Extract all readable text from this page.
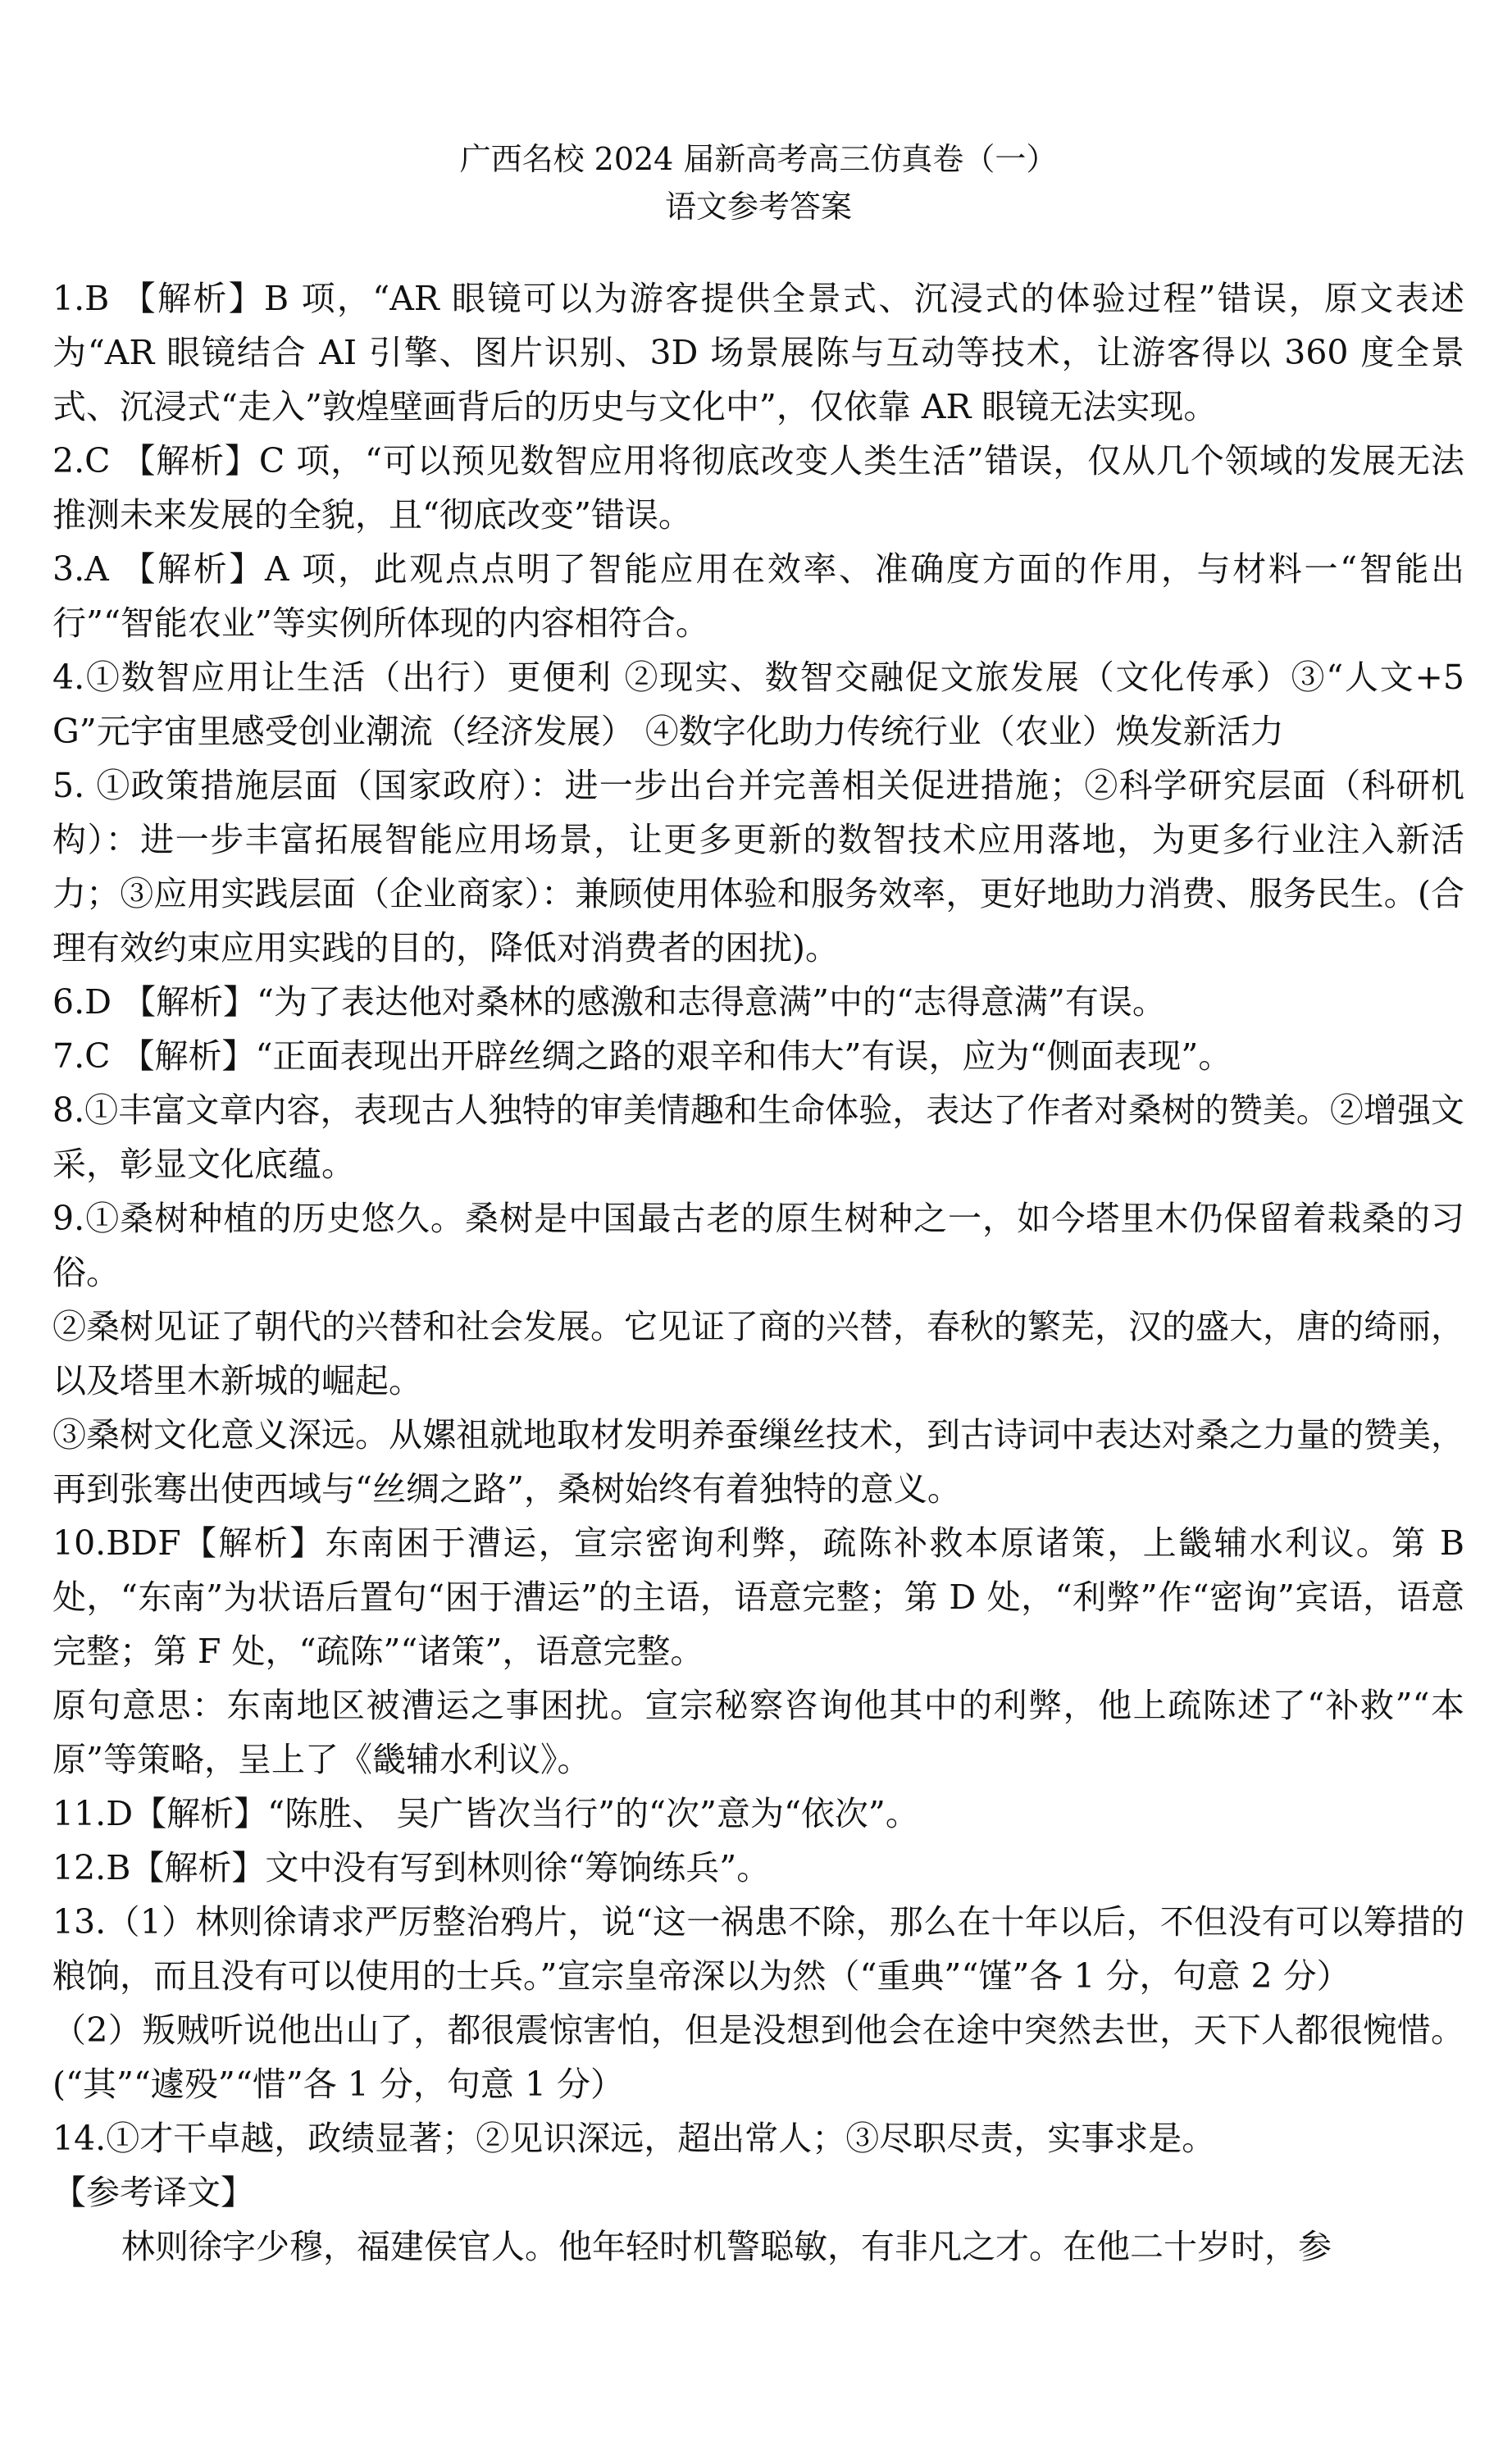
广西名校 2024 届新高考高三仿真卷（一）
语文参考答案

1.B 【解析】B 项，“AR 眼镜可以为游客提供全景式、沉浸式的体验过程”错误，原文表述为“AR 眼镜结合 AI 引擎、图片识别、3D 场景展陈与互动等技术，让游客得以 360 度全景式、沉浸式“走入”敦煌壁画背后的历史与文化中”，仅依靠 AR 眼镜无法实现。

2.C 【解析】C 项，“可以预见数智应用将彻底改变人类生活”错误，仅从几个领域的发展无法推测未来发展的全貌，且“彻底改变”错误。

3.A 【解析】A 项，此观点点明了智能应用在效率、准确度方面的作用，与材料一“智能出行”“智能农业”等实例所体现的内容相符合。

4.①数智应用让生活（出行）更便利 ②现实、数智交融促文旅发展（文化传承）③“人文+5G”元宇宙里感受创业潮流（经济发展） ④数字化助力传统行业（农业）焕发新活力

5. ①政策措施层面（国家政府）：进一步出台并完善相关促进措施；②科学研究层面（科研机构）：进一步丰富拓展智能应用场景，让更多更新的数智技术应用落地，为更多行业注入新活力；③应用实践层面（企业商家）：兼顾使用体验和服务效率，更好地助力消费、服务民生。(合理有效约束应用实践的目的，降低对消费者的困扰)。

6.D 【解析】“为了表达他对桑林的感激和志得意满”中的“志得意满”有误。

7.C 【解析】“正面表现出开辟丝绸之路的艰辛和伟大”有误，应为“侧面表现”。

8.①丰富文章内容，表现古人独特的审美情趣和生命体验，表达了作者对桑树的赞美。②增强文采，彰显文化底蕴。

9.①桑树种植的历史悠久。桑树是中国最古老的原生树种之一，如今塔里木仍保留着栽桑的习俗。

②桑树见证了朝代的兴替和社会发展。它见证了商的兴替，春秋的繁芜，汉的盛大，唐的绮丽，以及塔里木新城的崛起。

③桑树文化意义深远。从嫘祖就地取材发明养蚕缫丝技术，到古诗词中表达对桑之力量的赞美，再到张骞出使西域与“丝绸之路”，桑树始终有着独特的意义。

10.BDF【解析】东南困于漕运，宣宗密询利弊，疏陈补救本原诸策，上畿辅水利议。第 B 处，“东南”为状语后置句“困于漕运”的主语，语意完整；第 D 处，“利弊”作“密询”宾语，语意完整；第 F 处，“疏陈”“诸策”，语意完整。

原句意思：东南地区被漕运之事困扰。宣宗秘察咨询他其中的利弊，他上疏陈述了“补救”“本原”等策略，呈上了《畿辅水利议》。

11.D【解析】“陈胜、 吴广皆次当行”的“次”意为“依次”。

12.B【解析】文中没有写到林则徐“筹饷练兵”。

13.（1）林则徐请求严厉整治鸦片，说“这一祸患不除，那么在十年以后，不但没有可以筹措的粮饷，而且没有可以使用的士兵。”宣宗皇帝深以为然（“重典”“馑”各 1 分，句意 2 分）

（2）叛贼听说他出山了，都很震惊害怕，但是没想到他会在途中突然去世，天下人都很惋惜。(“其”“遽殁”“惜”各 1 分，句意 1 分）

14.①才干卓越，政绩显著；②见识深远，超出常人；③尽职尽责，实事求是。

【参考译文】

林则徐字少穆，福建侯官人。他年轻时机警聪敏，有非凡之才。在他二十岁时，参
